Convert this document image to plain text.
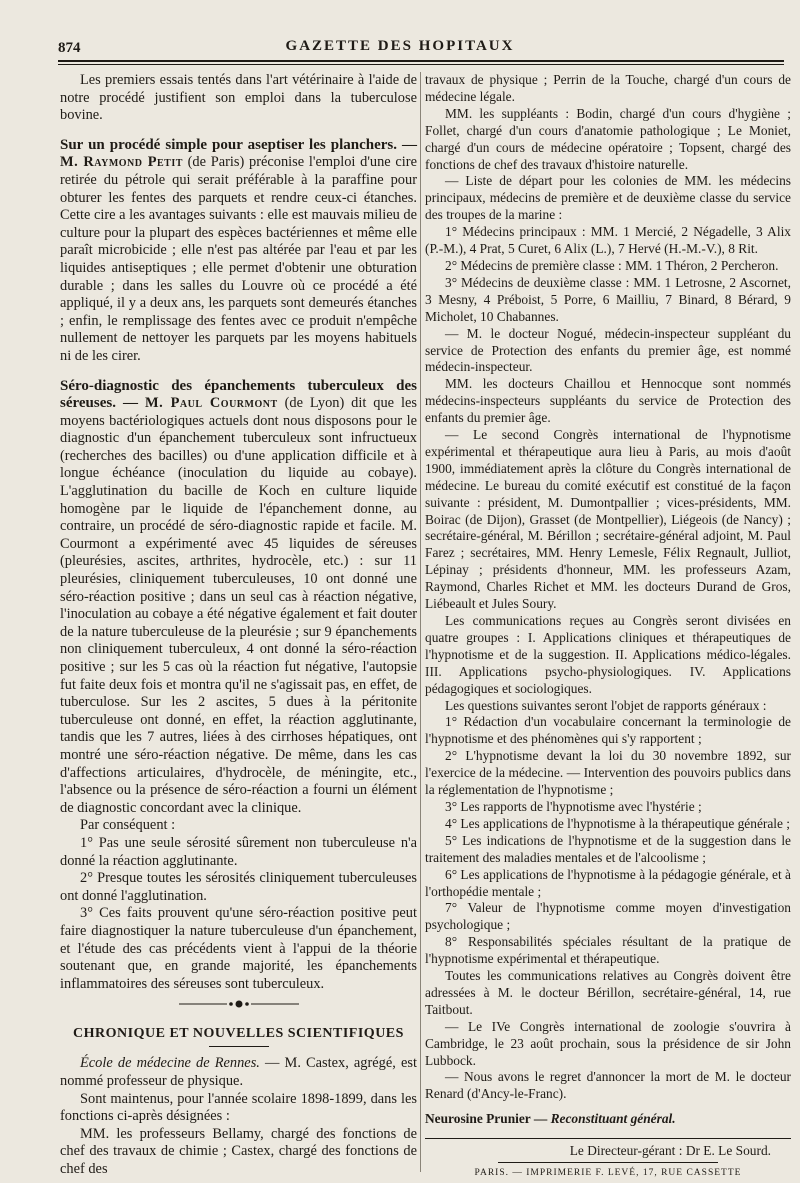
874	GAZETTE DES HOPITAUX

Les premiers essais tentés dans l'art vétérinaire à l'aide de notre procédé justifient son emploi dans la tuberculose bovine.

Sur un procédé simple pour aseptiser les planchers. — M. Raymond Petit (de Paris) préconise l'emploi d'une cire retirée du pétrole qui serait préférable à la paraffine pour obturer les fentes des parquets et rendre ceux-ci étanches. Cette cire a les avantages suivants : elle est mauvais milieu de culture pour la plupart des espèces bactériennes et même elle paraît microbicide ; elle n'est pas altérée par l'eau et par les liquides antiseptiques ; elle permet d'obtenir une obturation durable ; dans les salles du Louvre où ce procédé a été appliqué, il y a deux ans, les parquets sont demeurés étanches ; enfin, le remplissage des fentes avec ce produit n'empêche nullement de nettoyer les parquets par les moyens habituels ni de les cirer.

Séro-diagnostic des épanchements tuberculeux des séreuses. — M. Paul Courmont (de Lyon) dit que les moyens bactériologiques actuels dont nous disposons pour le diagnostic d'un épanchement tuberculeux sont infructueux (recherches des bacilles) ou d'une application difficile et à longue échéance (inoculation du liquide au cobaye). L'agglutination du bacille de Koch en culture liquide homogène par le liquide de l'épanchement donne, au contraire, un procédé de séro-diagnostic rapide et facile. M. Courmont a expérimenté avec 45 liquides de séreuses (pleurésies, ascites, arthrites, hydrocèle, etc.) : sur 11 pleurésies, cliniquement tuberculeuses, 10 ont donné une séro-réaction positive ; dans un seul cas à réaction négative, l'inoculation au cobaye a été négative également et fait douter de la nature tuberculeuse de la pleurésie ; sur 9 épanchements non cliniquement tuberculeux, 4 ont donné la séro-réaction positive ; sur les 5 cas où la réaction fut négative, l'autopsie fut faite deux fois et montra qu'il ne s'agissait pas, en effet, de tuberculose. Sur les 2 ascites, 5 dues à la péritonite tuberculeuse ont donné, en effet, la réaction agglutinante, tandis que les 7 autres, liées à des cirrhoses hépatiques, ont montré une séro-réaction négative. De même, dans les cas d'affections articulaires, d'hydrocèle, de méningite, etc., l'absence ou la présence de séro-réaction a fourni un élément de diagnostic concordant avec la clinique.

Par conséquent :

1° Pas une seule sérosité sûrement non tuberculeuse n'a donné la réaction agglutinante.

2° Presque toutes les sérosités cliniquement tuberculeuses ont donné l'agglutination.

3° Ces faits prouvent qu'une séro-réaction positive peut faire diagnostiquer la nature tuberculeuse d'un épanchement, et l'étude des cas précédents vient à l'appui de la théorie soutenant que, en grande majorité, les épanchements inflammatoires des séreuses sont tuberculeux.

CHRONIQUE ET NOUVELLES SCIENTIFIQUES

École de médecine de Rennes. — M. Castex, agrégé, est nommé professeur de physique.

Sont maintenus, pour l'année scolaire 1898-1899, dans les fonctions ci-après désignées :

MM. les professeurs Bellamy, chargé des fonctions de chef des travaux de chimie ; Castex, chargé des fonctions de chef des

travaux de physique ; Perrin de la Touche, chargé d'un cours de médecine légale.

MM. les suppléants : Bodin, chargé d'un cours d'hygiène ; Follet, chargé d'un cours d'anatomie pathologique ; Le Moniet, chargé d'un cours de médecine opératoire ; Topsent, chargé des fonctions de chef des travaux d'histoire naturelle.

— Liste de départ pour les colonies de MM. les médecins principaux, médecins de première et de deuxième classe du service des troupes de la marine :

1° Médecins principaux : MM. 1 Mercié, 2 Négadelle, 3 Alix (P.-M.), 4 Prat, 5 Curet, 6 Alix (L.), 7 Hervé (H.-M.-V.), 8 Rit.

2° Médecins de première classe : MM. 1 Théron, 2 Percheron.

3° Médecins de deuxième classe : MM. 1 Letrosne, 2 Ascornet, 3 Mesny, 4 Préboist, 5 Porre, 6 Mailliu, 7 Binard, 8 Bérard, 9 Micholet, 10 Chabannes.

— M. le docteur Nogué, médecin-inspecteur suppléant du service de Protection des enfants du premier âge, est nommé médecin-inspecteur.

MM. les docteurs Chaillou et Hennocque sont nommés médecins-inspecteurs suppléants du service de Protection des enfants du premier âge.

— Le second Congrès international de l'hypnotisme expérimental et thérapeutique aura lieu à Paris, au mois d'août 1900, immédiatement après la clôture du Congrès international de médecine. Le bureau du comité exécutif est constitué de la façon suivante : président, M. Dumontpallier ; vices-présidents, MM. Boirac (de Dijon), Grasset (de Montpellier), Liégeois (de Nancy) ; secrétaire-général, M. Bérillon ; secrétaire-général adjoint, M. Paul Farez ; secrétaires, MM. Henry Lemesle, Félix Regnault, Julliot, Lépinay ; présidents d'honneur, MM. les professeurs Azam, Raymond, Charles Richet et MM. les docteurs Durand de Gros, Liébeault et Jules Soury.

Les communications reçues au Congrès seront divisées en quatre groupes : I. Applications cliniques et thérapeutiques de l'hypnotisme et de la suggestion. II. Applications médico-légales. III. Applications psycho-physiologiques. IV. Applications pédagogiques et sociologiques.

Les questions suivantes seront l'objet de rapports généraux :

1° Rédaction d'un vocabulaire concernant la terminologie de l'hypnotisme et des phénomènes qui s'y rapportent ;

2° L'hypnotisme devant la loi du 30 novembre 1892, sur l'exercice de la médecine. — Intervention des pouvoirs publics dans la réglementation de l'hypnotisme ;

3° Les rapports de l'hypnotisme avec l'hystérie ;

4° Les applications de l'hypnotisme à la thérapeutique générale ;

5° Les indications de l'hypnotisme et de la suggestion dans le traitement des maladies mentales et de l'alcoolisme ;

6° Les applications de l'hypnotisme à la pédagogie générale, et à l'orthopédie mentale ;

7° Valeur de l'hypnotisme comme moyen d'investigation psychologique ;

8° Responsabilités spéciales résultant de la pratique de l'hypnotisme expérimental et thérapeutique.

Toutes les communications relatives au Congrès doivent être adressées à M. le docteur Bérillon, secrétaire-général, 14, rue Taitbout.

— Le IVe Congrès international de zoologie s'ouvrira à Cambridge, le 23 août prochain, sous la présidence de sir John Lubbock.

— Nous avons le regret d'annoncer la mort de M. le docteur Renard (d'Ancy-le-Franc).

Neurosine Prunier — Reconstituant général.

Le Directeur-gérant : Dr E. Le Sourd.

PARIS. — IMPRIMERIE F. LEVÉ, 17, RUE CASSETTE
